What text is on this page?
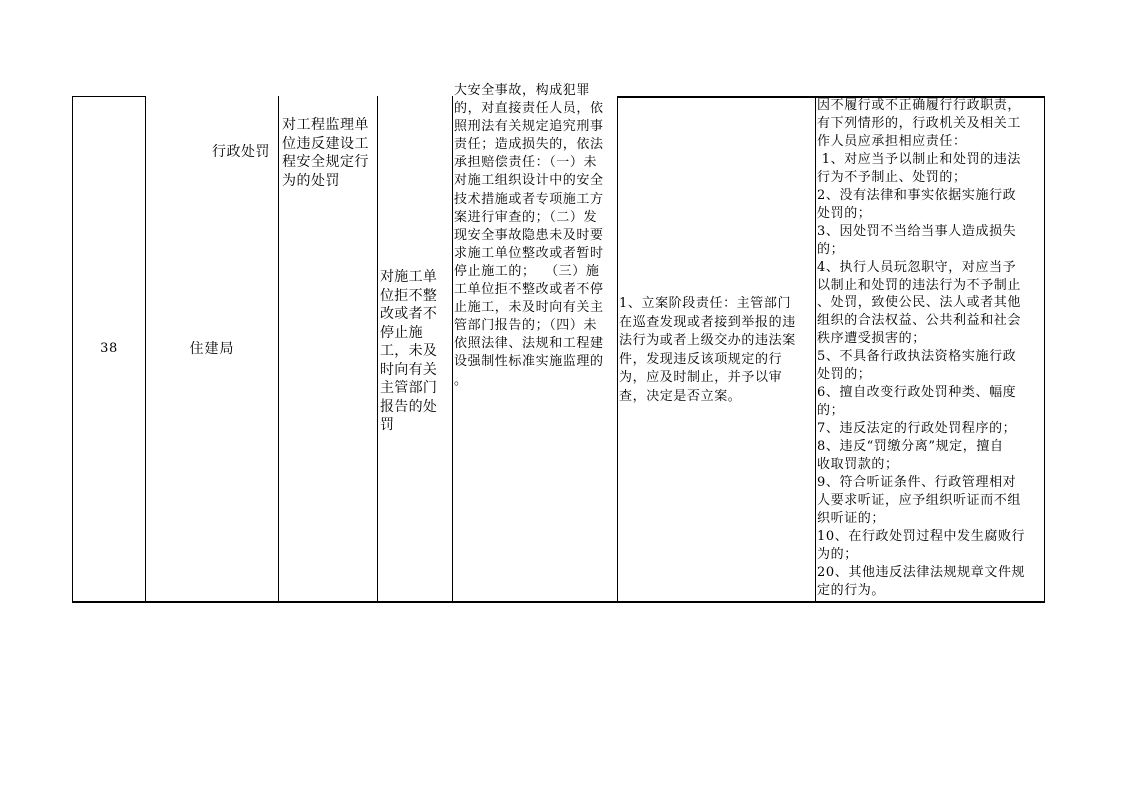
38	住建局
行政处罚
对工程监理单位违反建设工程安全规定行为的处罚
对施工单位拒不整改或者不停止施工，未及时向有关主管部门报告的处罚
大安全事故，构成犯罪
的，对直接责任人员，依
照刑法有关规定追究刑事
责任；造成损失的，依法
承担赔偿责任：（一）未
对施工组织设计中的安全
技术措施或者专项施工方
案进行审查的；（二）发
现安全事故隐患未及时要
求施工单位整改或者暂时
停止施工的；  （三）施
工单位拒不整改或者不停
止施工，未及时向有关主
管部门报告的；（四）未
依照法律、法规和工程建
设强制性标准实施监理的
。
1、立案阶段责任：主管部门
在巡查发现或者接到举报的违
法行为或者上级交办的违法案
件，发现违反该项规定的行
为，应及时制止，并予以审
查，决定是否立案。
因不履行或不正确履行行政职责，
有下列情形的，行政机关及相关工
作人员应承担相应责任：
1、对应当予以制止和处罚的违法
行为不予制止、处罚的；
2、没有法律和事实依据实施行政
处罚的；
3、因处罚不当给当事人造成损失
的；
4、执行人员玩忽职守，对应当予
以制止和处罚的违法行为不予制止
、处罚，致使公民、法人或者其他
组织的合法权益、公共利益和社会
秩序遭受损害的；
5、不具备行政执法资格实施行政
处罚的；
6、擅自改变行政处罚种类、幅度
的；
7、违反法定的行政处罚程序的；
8、违反“罚缴分离”规定，擅自
收取罚款的；
9、符合听证条件、行政管理相对
人要求听证，应予组织听证而不组
织听证的；
10、在行政处罚过程中发生腐败行
为的；
20、其他违反法律法规规章文件规
定的行为。
